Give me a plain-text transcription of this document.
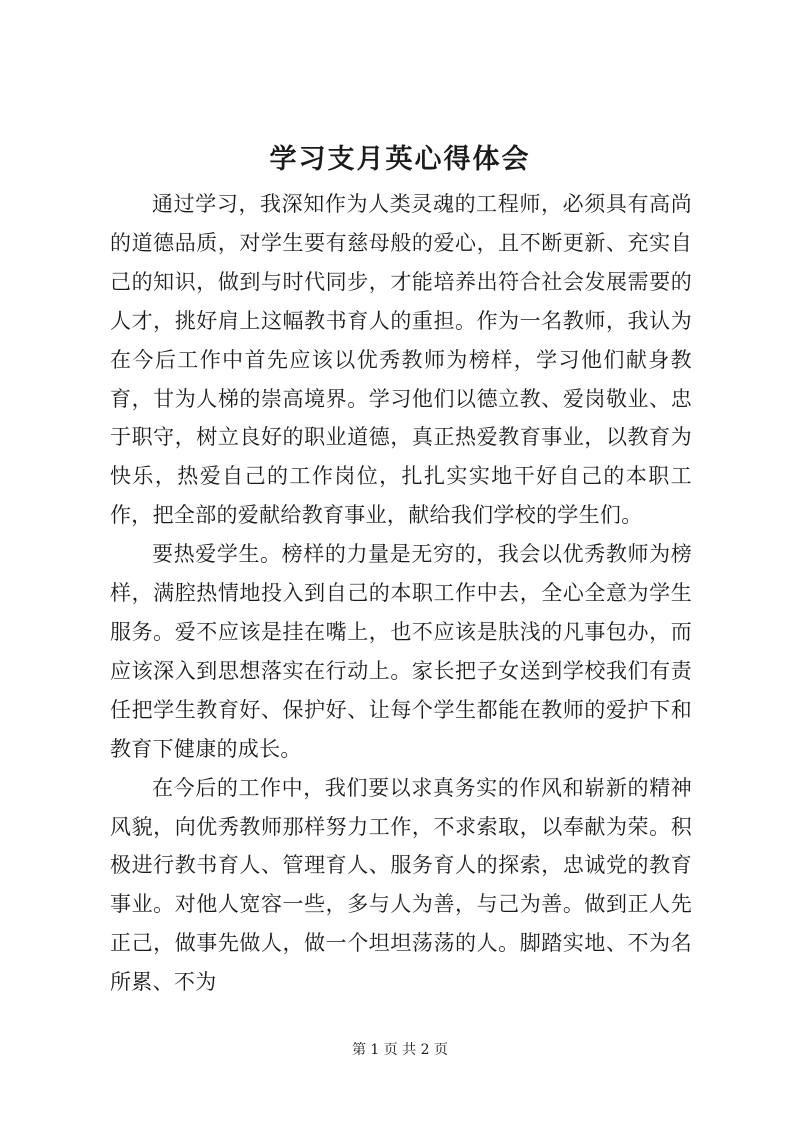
学习支月英心得体会

通过学习，我深知作为人类灵魂的工程师，必须具有高尚的道德品质，对学生要有慈母般的爱心，且不断更新、充实自己的知识，做到与时代同步，才能培养出符合社会发展需要的人才，挑好肩上这幅教书育人的重担。作为一名教师，我认为在今后工作中首先应该以优秀教师为榜样，学习他们献身教育，甘为人梯的崇高境界。学习他们以德立教、爱岗敬业、忠于职守，树立良好的职业道德，真正热爱教育事业，以教育为快乐，热爱自己的工作岗位，扎扎实实地干好自己的本职工作，把全部的爱献给教育事业，献给我们学校的学生们。

要热爱学生。榜样的力量是无穷的，我会以优秀教师为榜样，满腔热情地投入到自己的本职工作中去，全心全意为学生服务。爱不应该是挂在嘴上，也不应该是肤浅的凡事包办，而应该深入到思想落实在行动上。家长把子女送到学校我们有责任把学生教育好、保护好、让每个学生都能在教师的爱护下和教育下健康的成长。

在今后的工作中，我们要以求真务实的作风和崭新的精神风貌，向优秀教师那样努力工作，不求索取，以奉献为荣。积极进行教书育人、管理育人、服务育人的探索，忠诚党的教育事业。对他人宽容一些，多与人为善，与己为善。做到正人先正己，做事先做人，做一个坦坦荡荡的人。脚踏实地、不为名所累、不为

第 1 页 共 2 页
